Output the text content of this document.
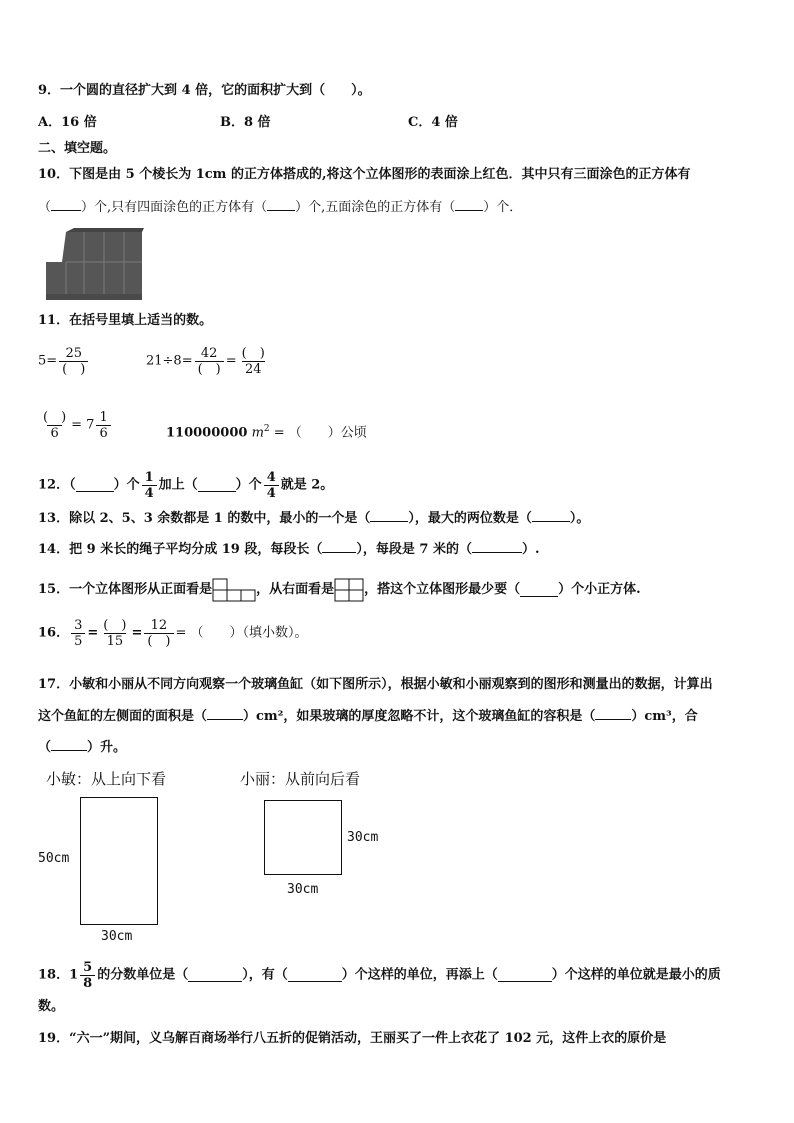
9．一个圆的直径扩大到 4 倍，它的面积扩大到（　　）。
A．16 倍	B．8 倍	C．4 倍
二、填空题。
10．下图是由 5 个棱长为 1cm 的正方体搭成的,将这个立体图形的表面涂上红色．其中只有三面涂色的正方体有
（ ）个,只有四面涂色的正方体有（ ）个,五面涂色的正方体有（ ）个．
11．在括号里填上适当的数。
$5= \frac{25}{( )}$	$21\div 8= \frac{42}{( )} = \frac{( )}{24}$
$\frac{( )}{6} = 7 \frac{1}{6}$	110000000 $m^2$ = （　　）公顷
12．（	）个 $\frac{1}{4}$ 加上（	）个 $\frac{4}{4}$ 就是 2。
13．除以 2、5、3 余数都是 1 的数中，最小的一个是（	），最大的两位数是（	）。
14．把 9 米长的绳子平均分成 19 段，每段长（	），每段是 7 米的（	）.
15．一个立体图形从正面看是	，从右面看是 ，搭这个立体图形最少要（	）个小正方体.
16． $\frac{3}{5} = \frac{( )}{15} = \frac{12}{( )}$ = （　　）（填小数）。
17．小敏和小丽从不同方向观察一个玻璃鱼缸（如下图所示），根据小敏和小丽观察到的图形和测量出的数据，计算出
这个鱼缸的左侧面的面积是（	）cm²，如果玻璃的厚度忽略不计，这个玻璃鱼缸的容积是（	）cm³，合
（	）升。
小敏：从上向下看	小丽：从前向后看
50cm
30cm
30cm
30cm
18．$1 \frac{5}{8}$ 的分数单位是（	），有（	）个这样的单位，再添上（	）个这样的单位就是最小的质
数。
19．“六一”期间，义乌解百商场举行八五折的促销活动，王丽买了一件上衣花了 102 元，这件上衣的原价是
